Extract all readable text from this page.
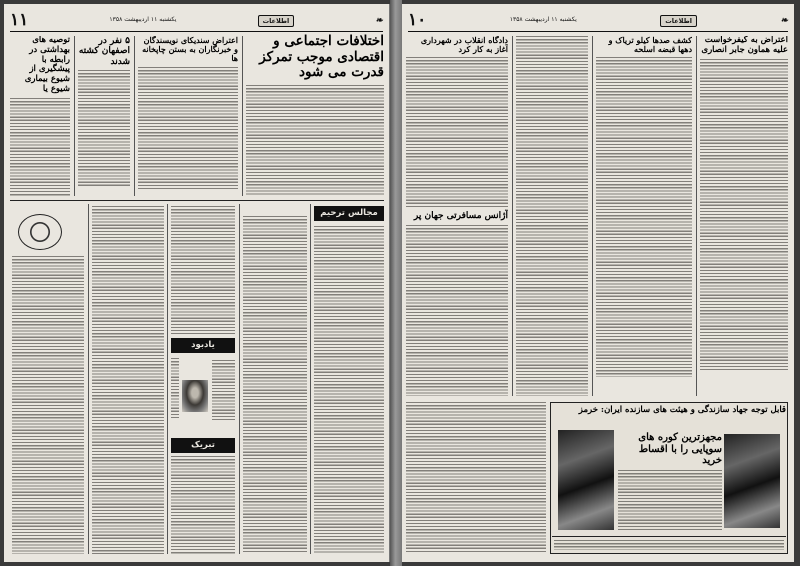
۱۱	یکشنبه ۱۱ اردیبهشت ۱۳۵۸	اطلاعات	❧
توصیه های بهداشتی در رابطه با پیشگیری از شیوع بیماری شیوع یا
۵ نفر در اصفهان کشته شدند
اعتراض سندیکای نویسندگان و خبرنگاران به بستن چاپخانه ها
اختلافات اجتماعی و اقتصادی موجب تمرکز قدرت می شود
یادبود
تبریک
مجالس ترحیم
۱۰	یکشنبه ۱۱ اردیبهشت ۱۳۵۸	اطلاعات	❧
دادگاه انقلاب در شهرداری آغاز به کار کرد
آژانس مسافرتی جهان پر
کشف صدها کیلو تریاک و دهها قبضه اسلحه
اعتراض به کیفرخواست علیه هماون جابر انصاری
قابل توجه جهاد سازندگی و هیئت های سازنده ایران: خرمز
مجهزترین کوره های سوپایی را با اقساط خرید
